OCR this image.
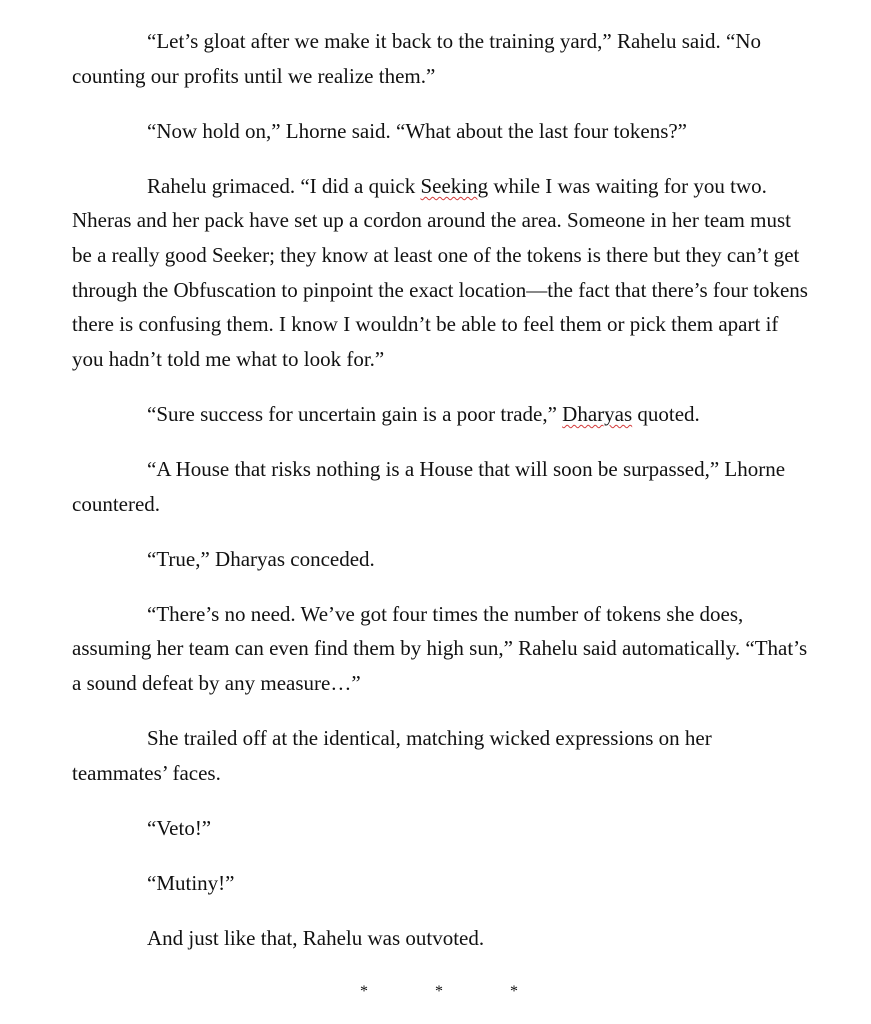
“Let’s gloat after we make it back to the training yard,” Rahelu said. “No counting our profits until we realize them.”

“Now hold on,” Lhorne said. “What about the last four tokens?”

Rahelu grimaced. “I did a quick Seeking while I was waiting for you two. Nheras and her pack have set up a cordon around the area. Someone in her team must be a really good Seeker; they know at least one of the tokens is there but they can’t get through the Obfuscation to pinpoint the exact location—the fact that there’s four tokens there is confusing them. I know I wouldn’t be able to feel them or pick them apart if you hadn’t told me what to look for.”

“Sure success for uncertain gain is a poor trade,” Dharyas quoted.

“A House that risks nothing is a House that will soon be surpassed,” Lhorne countered.

“True,” Dharyas conceded.

“There’s no need. We’ve got four times the number of tokens she does, assuming her team can even find them by high sun,” Rahelu said automatically. “That’s a sound defeat by any measure…”

She trailed off at the identical, matching wicked expressions on her teammates’ faces.

“Veto!”

“Mutiny!”

And just like that, Rahelu was outvoted.

*	*	*
